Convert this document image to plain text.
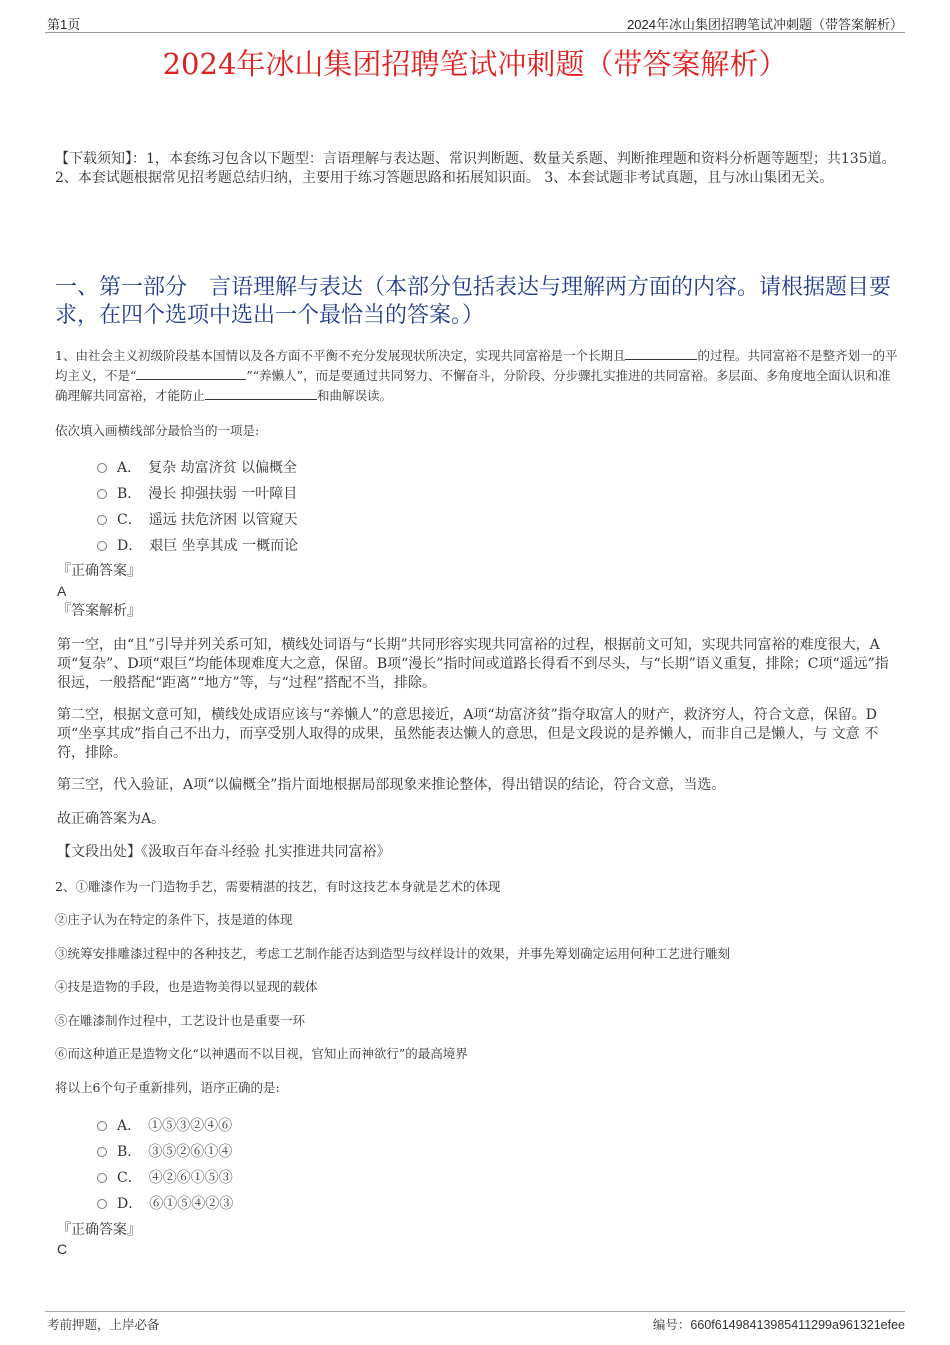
第1页	2024年冰山集团招聘笔试冲刺题（带答案解析）
2024年冰山集团招聘笔试冲刺题（带答案解析）
【下载须知】：1，本套练习包含以下题型：言语理解与表达题、常识判断题、数量关系题、判断推理题和资料分析题等题型；共135道。 2、本套试题根据常见招考题总结归纳，主要用于练习答题思路和拓展知识面。 3、本套试题非考试真题，且与冰山集团无关。
一、第一部分　言语理解与表达（本部分包括表达与理解两方面的内容。请根据题目要求，在四个选项中选出一个最恰当的答案。）
1、由社会主义初级阶段基本国情以及各方面不平衡不充分发展现状所决定，实现共同富裕是一个长期且	的过程。共同富裕不是整齐划一的平均主义，不是“	”“养懒人”，而是要通过共同努力、不懈奋斗，分阶段、分步骤扎实推进的共同富裕。多层面、多角度地全面认识和准确理解共同富裕，才能防止	和曲解误读。
依次填入画横线部分最恰当的一项是:
A．　 复杂 劫富济贫 以偏概全
B．　 漫长 抑强扶弱 一叶障目
C．　 遥远 扶危济困 以管窥天
D．　 艰巨 坐享其成 一概而论
『正确答案』
A
『答案解析』
第一空，由“且”引导并列关系可知，横线处词语与“长期”共同形容实现共同富裕的过程，根据前文可知，实现共同富裕的难度很大，A项“复杂”、D项“艰巨”均能体现难度大之意，保留。B项“漫长”指时间或道路长得看不到尽头，与“长期”语义重复，排除；C项“遥远”指很远，一般搭配“距离”“地方”等，与“过程”搭配不当，排除。
第二空，根据文意可知，横线处成语应该与“养懒人”的意思接近，A项“劫富济贫”指夺取富人的财产，救济穷人，符合文意，保留。D项“坐享其成”指自己不出力，而享受别人取得的成果，虽然能表达懒人的意思，但是文段说的是养懒人，而非自己是懒人，与 文意 不符，排除。
第三空，代入验证，A项“以偏概全”指片面地根据局部现象来推论整体，得出错误的结论，符合文意，当选。
故正确答案为A。
【文段出处】《汲取百年奋斗经验 扎实推进共同富裕》
2、①雕漆作为一门造物手艺，需要精湛的技艺，有时这技艺本身就是艺术的体现
②庄子认为在特定的条件下，技是道的体现
③统筹安排雕漆过程中的各种技艺，考虑工艺制作能否达到造型与纹样设计的效果，并事先筹划确定运用何种工艺进行雕刻
④技是造物的手段，也是造物美得以显现的载体
⑤在雕漆制作过程中，工艺设计也是重要一环
⑥而这种道正是造物文化“以神遇而不以目视，官知止而神欲行”的最高境界
将以上6个句子重新排列，语序正确的是:
A．　 ①⑤③②④⑥
B．　 ③⑤②⑥①④
C．　 ④②⑥①⑤③
D．　 ⑥①⑤④②③
『正确答案』
C
考前押题，上岸必备	编号：660f61498413985411299a961321efee
